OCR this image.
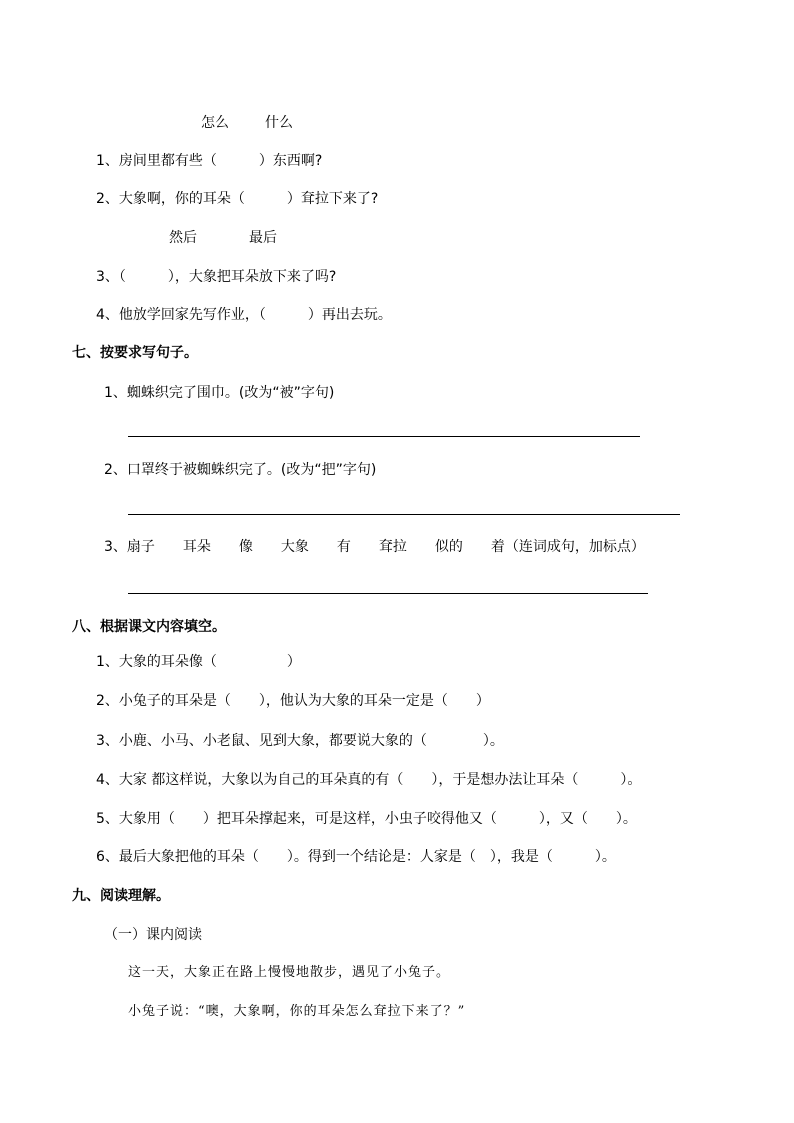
怎么	什么
1、房间里都有些（　　　）东西啊?
2、大象啊，你的耳朵（　　　）耷拉下来了?
然后	最后
3、（　　　），大象把耳朵放下来了吗?
4、他放学回家先写作业，（　　　）再出去玩。
七、按要求写句子。
1、蜘蛛织完了围巾。(改为“被”字句)
2、口罩终于被蜘蛛织完了。(改为“把”字句)
3、扇子　　耳朵　　像　　大象　　有　　耷拉　　似的　　着（连词成句，加标点）
八、根据课文内容填空。
1、大象的耳朵像（　　　　　）
2、小兔子的耳朵是（　　），他认为大象的耳朵一定是（　　）
3、小鹿、小马、小老鼠、见到大象，都要说大象的（　　　　）。
4、大家 都这样说，大象以为自己的耳朵真的有（　　），于是想办法让耳朵（　　　）。
5、大象用（　　）把耳朵撑起来，可是这样，小虫子咬得他又（　　　），又（　　）。
6、最后大象把他的耳朵（　　）。得到一个结论是：人家是（　），我是（　　　）。
九、阅读理解。
（一）课内阅读
这一天，大象正在路上慢慢地散步，遇见了小兔子。
小兔子说：“噢，大象啊，你的耳朵怎么耷拉下来了？”
